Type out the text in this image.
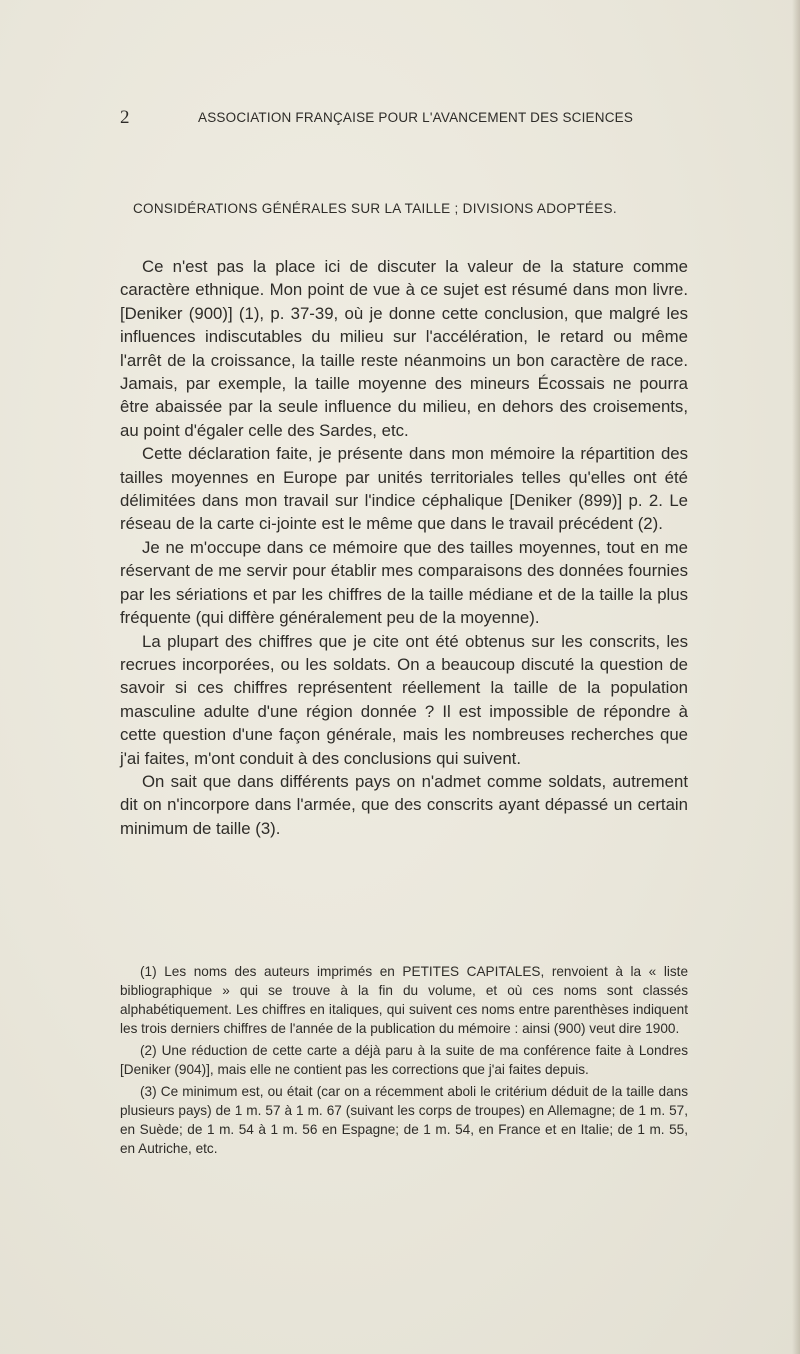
2	ASSOCIATION FRANÇAISE POUR L'AVANCEMENT DES SCIENCES
CONSIDÉRATIONS GÉNÉRALES SUR LA TAILLE ; DIVISIONS ADOPTÉES.

Ce n'est pas la place ici de discuter la valeur de la stature comme caractère ethnique. Mon point de vue à ce sujet est résumé dans mon livre. [Deniker (900)] (1), p. 37-39, où je donne cette conclusion, que malgré les influences indiscutables du milieu sur l'accélération, le retard ou même l'arrêt de la croissance, la taille reste néanmoins un bon caractère de race. Jamais, par exemple, la taille moyenne des mineurs Écossais ne pourra être abaissée par la seule influence du milieu, en dehors des croisements, au point d'égaler celle des Sardes, etc.

Cette déclaration faite, je présente dans mon mémoire la répartition des tailles moyennes en Europe par unités territoriales telles qu'elles ont été délimitées dans mon travail sur l'indice céphalique [Deniker (899)] p. 2. Le réseau de la carte ci-jointe est le même que dans le travail précédent (2).

Je ne m'occupe dans ce mémoire que des tailles moyennes, tout en me réservant de me servir pour établir mes comparaisons des données fournies par les sériations et par les chiffres de la taille médiane et de la taille la plus fréquente (qui diffère généralement peu de la moyenne).

La plupart des chiffres que je cite ont été obtenus sur les conscrits, les recrues incorporées, ou les soldats. On a beaucoup discuté la question de savoir si ces chiffres représentent réellement la taille de la population masculine adulte d'une région donnée ? Il est impossible de répondre à cette question d'une façon générale, mais les nombreuses recherches que j'ai faites, m'ont conduit à des conclusions qui suivent.

On sait que dans différents pays on n'admet comme soldats, autrement dit on n'incorpore dans l'armée, que des conscrits ayant dépassé un certain minimum de taille (3).

(1) Les noms des auteurs imprimés en PETITES CAPITALES, renvoient à la « liste bibliographique » qui se trouve à la fin du volume, et où ces noms sont classés alphabétiquement. Les chiffres en italiques, qui suivent ces noms entre parenthèses indiquent les trois derniers chiffres de l'année de la publication du mémoire : ainsi (900) veut dire 1900.

(2) Une réduction de cette carte a déjà paru à la suite de ma conférence faite à Londres [Deniker (904)], mais elle ne contient pas les corrections que j'ai faites depuis.

(3) Ce minimum est, ou était (car on a récemment aboli le critérium déduit de la taille dans plusieurs pays) de 1 m. 57 à 1 m. 67 (suivant les corps de troupes) en Allemagne; de 1 m. 57, en Suède; de 1 m. 54 à 1 m. 56 en Espagne; de 1 m. 54, en France et en Italie; de 1 m. 55, en Autriche, etc.
